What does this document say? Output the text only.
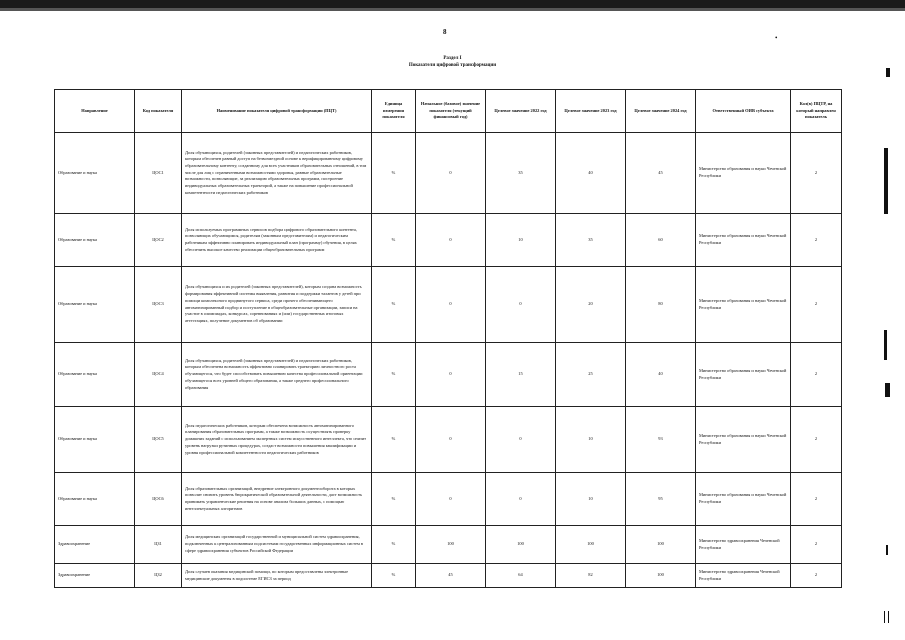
8
•
Раздел I
Показатели цифровой трансформации
Направление	Код показателя	Наименование показателя цифровой трансформации (ПЦТ)	Единица измерения показателя	Начальное (базовое) значение показателя (текущий финансовый год)	Целевое значение 2022 год	Целевое значение 2023 год	Целевое значение 2024 год	Ответственный ОИВ субъекта	Кол(в) ПЦТР, на который направлен показатель
Образование и наука	ЦОС1	Доля обучающихся, родителей (законных представителей) и педагогических работников, которым обеспечен равный доступ на безвозмездной основе к верифицированному цифровому образовательному контенту, созданному для всех участников образовательных отношений, в том числе для лиц с ограниченными возможностями здоровья, равные образовательные возможности, позволяющие, за реализацию образовательных программ, построение индивидуальных образовательных траекторий, а также на повышение профессиональной компетентности педагогических работников	%	0	35	40	45	Министерство образования и науки Чеченской Республики	2
Образование и наука	ЦОС2	Доля используемых программных сервисов подбора цифрового образовательного контента, позволяющих обучающимся, родителям (законным представителям) и педагогическим работникам эффективно планировать индивидуальный план (программу) обучения, в целях обеспечить высокое качество реализации общеобразовательных программ	%	0	10	35	60	Министерство образования и науки Чеченской Республики	2
Образование и наука	ЦОС3	Доля обучающихся и их родителей (законных представителей), которым создана возможность формирования эффективной системы выявления, развития и поддержки талантов у детей при помощи комплексного продвинутого сервиса, среди прочего обеспечивающего автоматизированный подбор и поступление в общеобразовательные организации, записи на участие в олимпиадах, конкурсах, соревнованиях и (или) государственных итоговых аттестациях, получение документов об образовании	%	0	0	20	80	Министерство образования и науки Чеченской Республики	2
Образование и наука	ЦОС4	Доля обучающихся, родителей (законных представителей) и педагогических работников, которым обеспечена возможность эффективно планировать траекторию личностного роста обучающегося, что будет способствовать повышению качества профессиональной ориентации обучающегося всех уровней общего образования, а также среднего профессионального образования	%	0	15	25	40	Министерство образования и науки Чеченской Республики	2
Образование и наука	ЦОС5	Доля педагогических работников, которым обеспечена возможность автоматизированного планирования образовательных программ, а также возможность осуществлять проверку домашних заданий с использованием экспертных систем искусственного интеллекта, что снизит уровень нагрузки рутинных процедурах, создаст возможности повышения квалификации и уровня профессиональной компетентности педагогических работников	%	0	0	10	93	Министерство образования и науки Чеченской Республики	2
Образование и наука	ЦОС6	Доля образовательных организаций, внедрение электронного документооборота в которых позволит снизить уровень бюрократической образовательной деятельности, даст возможность принимать управленческие решения на основе анализа больших данных, с помощью интеллектуальных алгоритмов	%	0	0	10	95	Министерство образования и науки Чеченской Республики	2
Здравоохранение	ЦЗ1	Доля медицинских организаций государственной и муниципальной систем здравоохранения, подключенных к централизованным подсистемам государственных информационных систем в сфере здравоохранения субъектов Российской Федерации	%	100	100	100	100	Министерство здравоохранения Чеченской Республики	2
Здравоохранение	ЦЗ2	Доля случаев оказания медицинской помощи, по которым предоставлены электронные медицинские документы в подсистеме ЕГИСЗ за период	%	45	64	82	100	Министерство здравоохранения Чеченской Республики	2
